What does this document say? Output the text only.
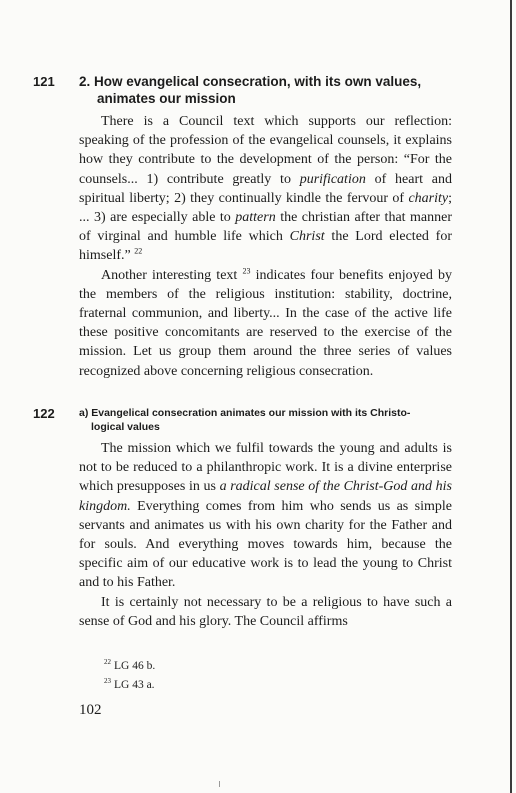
121	2. How evangelical consecration, with its own values,
animates our mission

There is a Council text which supports our reflection: speaking of the profession of the evangelical counsels, it explains how they contribute to the development of the person: “For the counsels... 1) contribute greatly to purification of heart and spiritual liberty; 2) they continually kindle the fervour of charity; ... 3) are especially able to pattern the christian after that manner of virginal and humble life which Christ the Lord elected for himself.” $^{22}$

Another interesting text $^{23}$ indicates four benefits enjoyed by the members of the religious institution: stability, doctrine, fraternal communion, and liberty... In the case of the active life these positive concomitants are reserved to the exercise of the mission. Let us group them around the three series of values recognized above concerning religious consecration.

122	a) Evangelical consecration animates our mission with its Christo-
logical values

The mission which we fulfil towards the young and adults is not to be reduced to a philanthropic work. It is a divine enterprise which presupposes in us a radical sense of the Christ-God and his kingdom. Everything comes from him who sends us as simple servants and animates us with his own charity for the Father and for souls. And everything moves towards him, because the specific aim of our educative work is to lead the young to Christ and to his Father.

It is certainly not necessary to be a religious to have such a sense of God and his glory. The Council affirms

$^{22}$ LG 46 b.
$^{23}$ LG 43 a.
102
